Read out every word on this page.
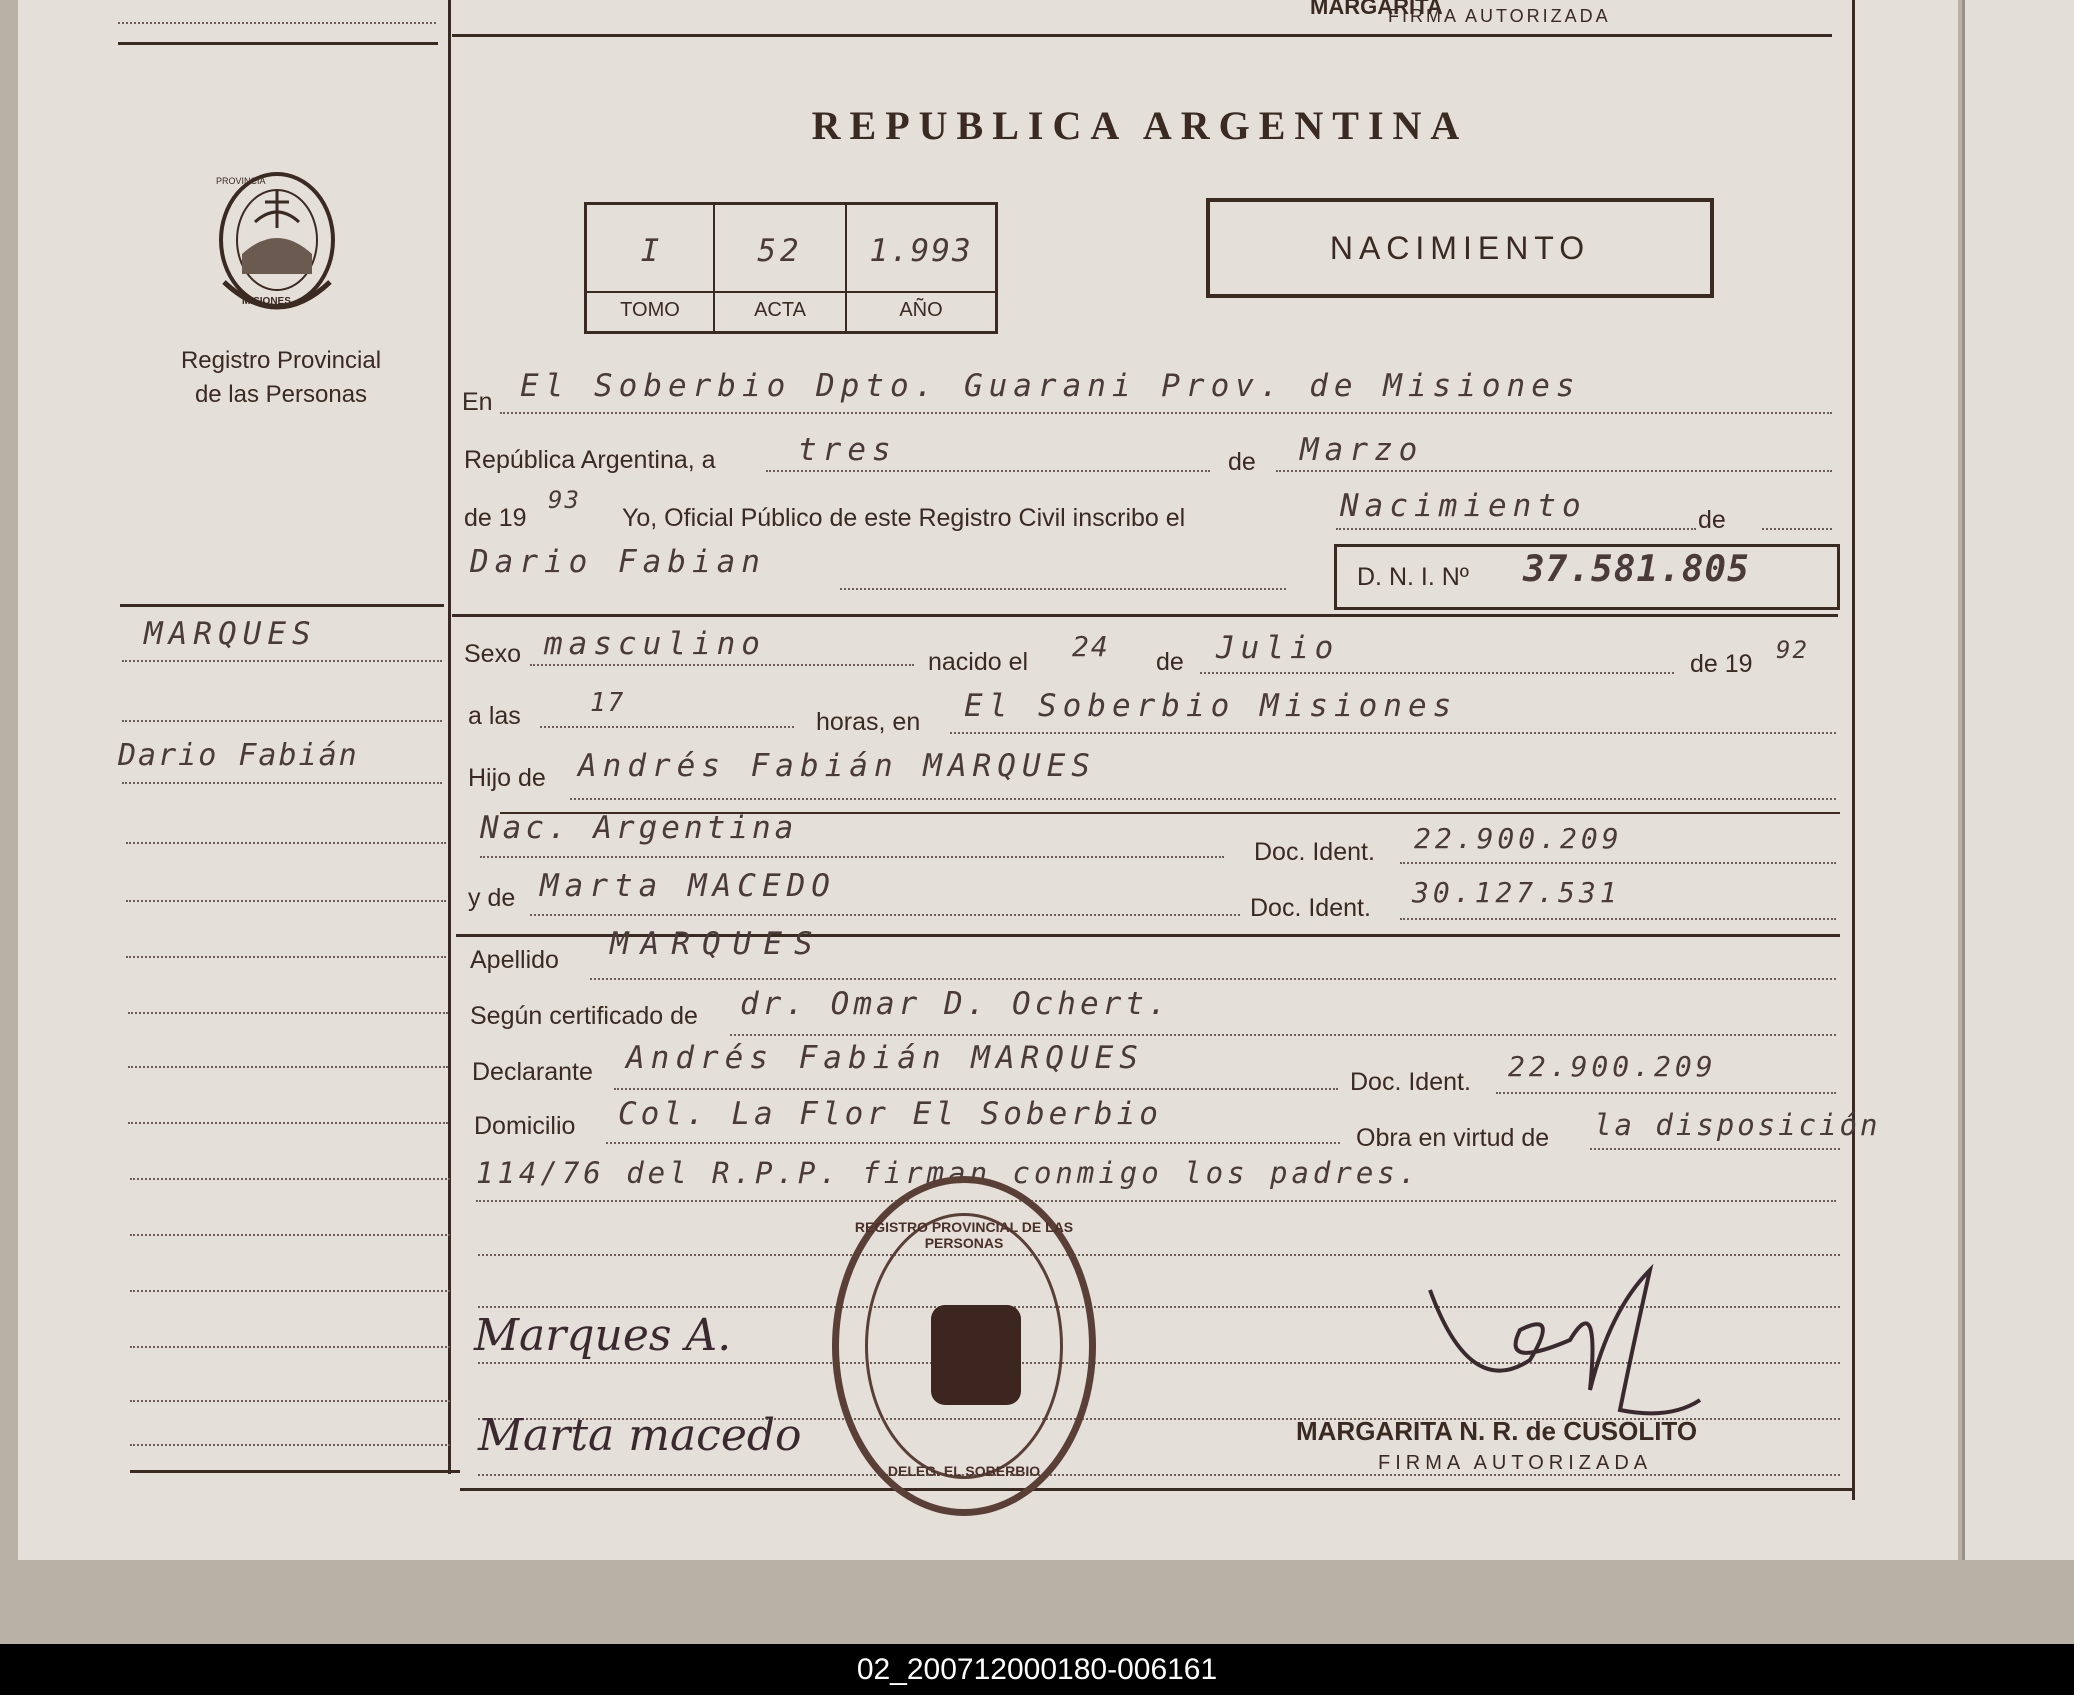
MARGARITA
FIRMA AUTORIZADA
PROVINCIA
MISIONES
Registro Provincial
de las Personas
REPUBLICA ARGENTINA
I	52	1.993
TOMO	ACTA	AÑO
NACIMIENTO
En El Soberbio Dpto. Guarani Prov. de Misiones
República Argentina, a	tres	de Marzo
de 19
93
Yo, Oficial Público de este Registro Civil inscribo el	Nacimiento	de
Dario Fabian	D. N. I. Nº 37.581.805
MARQUES
Dario Fabián
Sexo masculino	nacido el 24 de Julio	de 19 92
a las	17
horas, en El Soberbio Misiones
Hijo de Andrés Fabián MARQUES
Nac. Argentina
Doc. Ident. 22.900.209
y de Marta MACEDO
Doc. Ident. 30.127.531
Apellido MARQUES
Según certificado de dr. Omar D. Ochert.
Declarante Andrés Fabián MARQUES
Doc. Ident. 22.900.209
Domicilio Col. La Flor El Soberbio
Obra en virtud de la disposición
114/76 del R.P.P. firman conmigo los padres.
Marques A.
Marta macedo	MARGARITA N. R. de CUSOLITO
FIRMA AUTORIZADA
REGISTRO PROVINCIAL DE LAS PERSONAS
DELEG. EL SOBERBIO
02_200712000180-006161
